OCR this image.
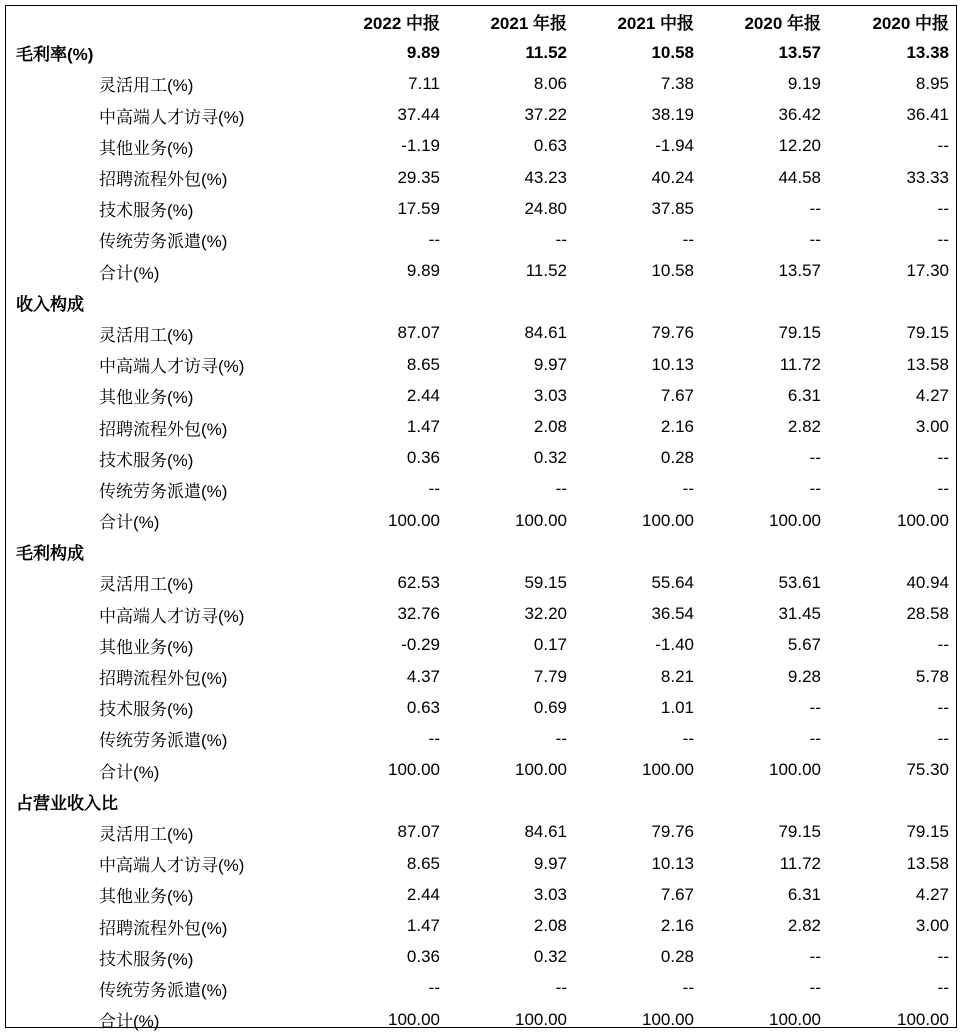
	2022 中报	2021 年报	2021 中报	2020 年报	2020 中报
毛利率(%)	9.89	11.52	10.58	13.57	13.38
灵活用工(%)	7.11	8.06	7.38	9.19	8.95
中高端人才访寻(%)	37.44	37.22	38.19	36.42	36.41
其他业务(%)	-1.19	0.63	-1.94	12.20	--
招聘流程外包(%)	29.35	43.23	40.24	44.58	33.33
技术服务(%)	17.59	24.80	37.85	--	--
传统劳务派遣(%)	--	--	--	--	--
合计(%)	9.89	11.52	10.58	13.57	17.30
收入构成					
灵活用工(%)	87.07	84.61	79.76	79.15	79.15
中高端人才访寻(%)	8.65	9.97	10.13	11.72	13.58
其他业务(%)	2.44	3.03	7.67	6.31	4.27
招聘流程外包(%)	1.47	2.08	2.16	2.82	3.00
技术服务(%)	0.36	0.32	0.28	--	--
传统劳务派遣(%)	--	--	--	--	--
合计(%)	100.00	100.00	100.00	100.00	100.00
毛利构成					
灵活用工(%)	62.53	59.15	55.64	53.61	40.94
中高端人才访寻(%)	32.76	32.20	36.54	31.45	28.58
其他业务(%)	-0.29	0.17	-1.40	5.67	--
招聘流程外包(%)	4.37	7.79	8.21	9.28	5.78
技术服务(%)	0.63	0.69	1.01	--	--
传统劳务派遣(%)	--	--	--	--	--
合计(%)	100.00	100.00	100.00	100.00	75.30
占营业收入比					
灵活用工(%)	87.07	84.61	79.76	79.15	79.15
中高端人才访寻(%)	8.65	9.97	10.13	11.72	13.58
其他业务(%)	2.44	3.03	7.67	6.31	4.27
招聘流程外包(%)	1.47	2.08	2.16	2.82	3.00
技术服务(%)	0.36	0.32	0.28	--	--
传统劳务派遣(%)	--	--	--	--	--
合计(%)	100.00	100.00	100.00	100.00	100.00
